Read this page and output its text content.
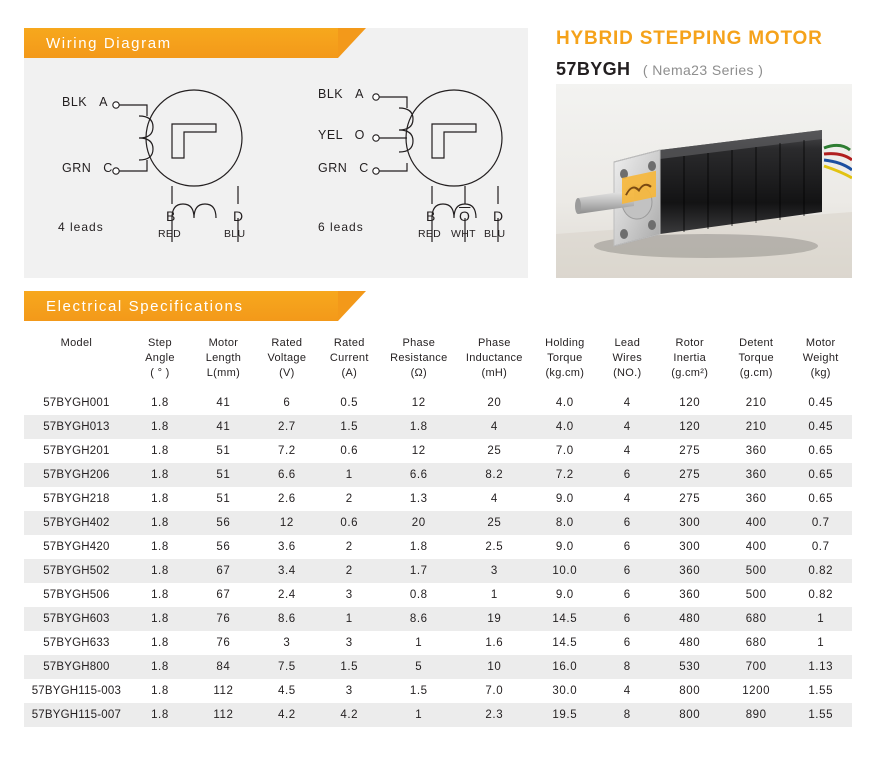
Wiring Diagram
BLK A
GRN C
B
RED
D
BLU
4 leads
BLK A
YEL O
GRN C
B
RED
$\overline{O}$
WHT
D
BLU
6 leads
HYBRID STEPPING MOTOR
57BYGH ( Nema23 Series )
Electrical Specifications
Model	Step
Angle
( ° )	Motor
Length
L(mm)	Rated
Voltage
(V)	Rated
Current
(A)	Phase
Resistance
(Ω)	Phase
Inductance
(mH)	Holding
Torque
(kg.cm)	Lead
Wires
(NO.)	Rotor
Inertia
(g.cm²)	Detent
Torque
(g.cm)	Motor
Weight
(kg)

57BYGH001	1.8	41	6	0.5	12	20	4.0	4	120	210	0.45
57BYGH013	1.8	41	2.7	1.5	1.8	4	4.0	4	120	210	0.45
57BYGH201	1.8	51	7.2	0.6	12	25	7.0	4	275	360	0.65
57BYGH206	1.8	51	6.6	1	6.6	8.2	7.2	6	275	360	0.65
57BYGH218	1.8	51	2.6	2	1.3	4	9.0	4	275	360	0.65
57BYGH402	1.8	56	12	0.6	20	25	8.0	6	300	400	0.7
57BYGH420	1.8	56	3.6	2	1.8	2.5	9.0	6	300	400	0.7
57BYGH502	1.8	67	3.4	2	1.7	3	10.0	6	360	500	0.82
57BYGH506	1.8	67	2.4	3	0.8	1	9.0	6	360	500	0.82
57BYGH603	1.8	76	8.6	1	8.6	19	14.5	6	480	680	1
57BYGH633	1.8	76	3	3	1	1.6	14.5	6	480	680	1
57BYGH800	1.8	84	7.5	1.5	5	10	16.0	8	530	700	1.13
57BYGH115-003	1.8	112	4.5	3	1.5	7.0	30.0	4	800	1200	1.55
57BYGH115-007	1.8	112	4.2	4.2	1	2.3	19.5	8	800	890	1.55
